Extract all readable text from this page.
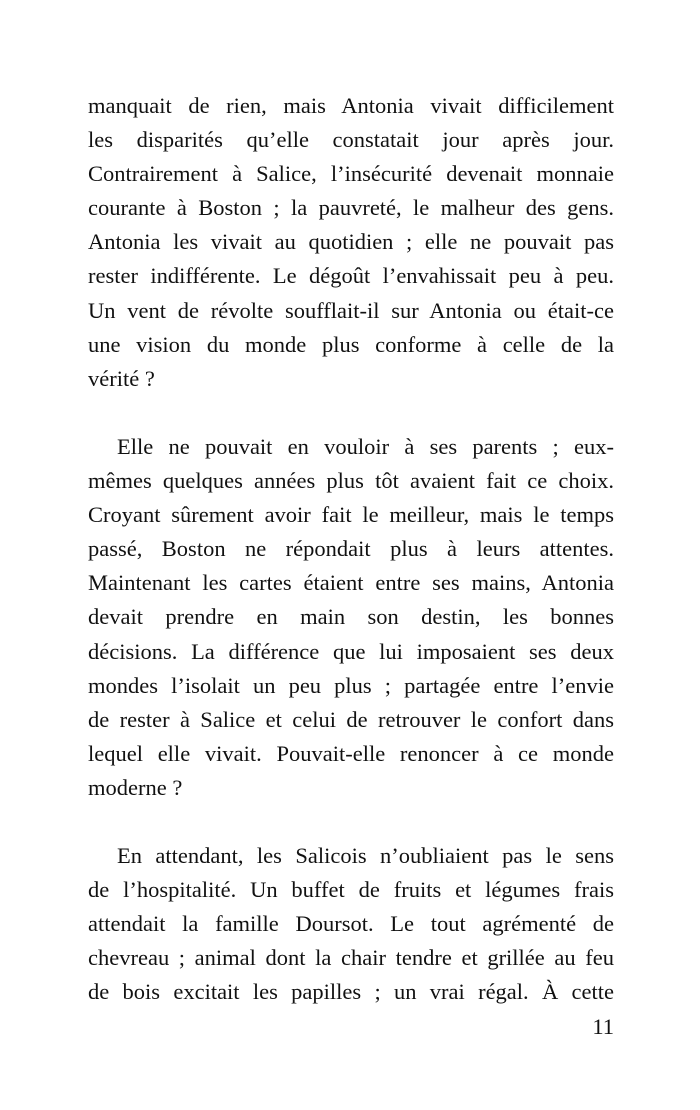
manquait de rien, mais Antonia vivait difficilement
les disparités qu’elle constatait jour après jour.
Contrairement à Salice, l’insécurité devenait monnaie
courante à Boston ; la pauvreté, le malheur des gens.
Antonia les vivait au quotidien ; elle ne pouvait pas
rester indifférente. Le dégoût l’envahissait peu à peu.
Un vent de révolte soufflait-il sur Antonia ou était-ce
une vision du monde plus conforme à celle de la
vérité ?
Elle ne pouvait en vouloir à ses parents ; eux-
mêmes quelques années plus tôt avaient fait ce choix.
Croyant sûrement avoir fait le meilleur, mais le temps
passé, Boston ne répondait plus à leurs attentes.
Maintenant les cartes étaient entre ses mains, Antonia
devait prendre en main son destin, les bonnes
décisions. La différence que lui imposaient ses deux
mondes l’isolait un peu plus ; partagée entre l’envie
de rester à Salice et celui de retrouver le confort dans
lequel elle vivait. Pouvait-elle renoncer à ce monde
moderne ?
En attendant, les Salicois n’oubliaient pas le sens
de l’hospitalité. Un buffet de fruits et légumes frais
attendait la famille Doursot. Le tout agrémenté de
chevreau ; animal dont la chair tendre et grillée au feu
de bois excitait les papilles ; un vrai régal. À cette
11
